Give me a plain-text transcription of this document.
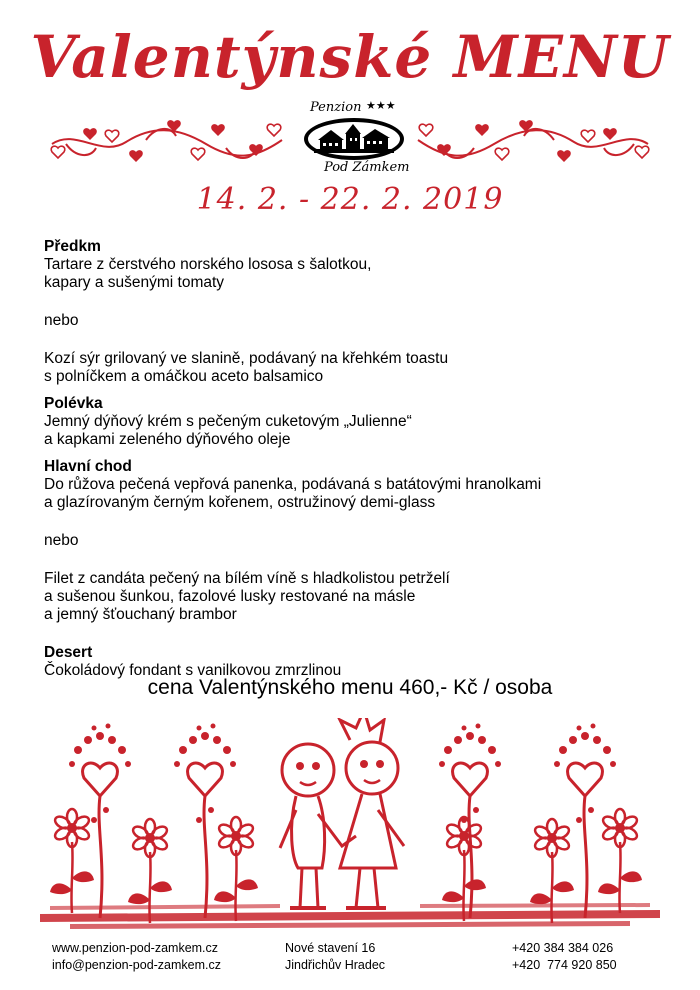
Valentýnské MENU
Penzion ★★★
Pod Zámkem
14. 2. - 22. 2. 2019
Předkm
Tartare z čerstvého norského lososa s šalotkou,
kapary a sušenými tomaty
nebo
Kozí sýr grilovaný ve slanině, podávaný na křehkém toastu
s polníčkem a omáčkou aceto balsamico
Polévka
Jemný dýňový krém s pečeným cuketovým „Julienne“
a kapkami zeleného dýňového oleje
Hlavní chod
Do růžova pečená vepřová panenka, podávaná s batátovými hranolkami
a glazírovaným černým kořenem, ostružinový demi-glass
nebo
Filet z candáta pečený na bílém víně s hladkolistou petrželí
a sušenou šunkou, fazolové lusky restované na másle
a jemný šťouchaný brambor
Desert
Čokoládový fondant s vanilkovou zmrzlinou
cena Valentýnského menu 460,- Kč / osoba
www.penzion-pod-zamkem.cz
info@penzion-pod-zamkem.cz
Nové stavení 16
Jindřichův Hradec
+420 384 384 026
+420  774 920 850
